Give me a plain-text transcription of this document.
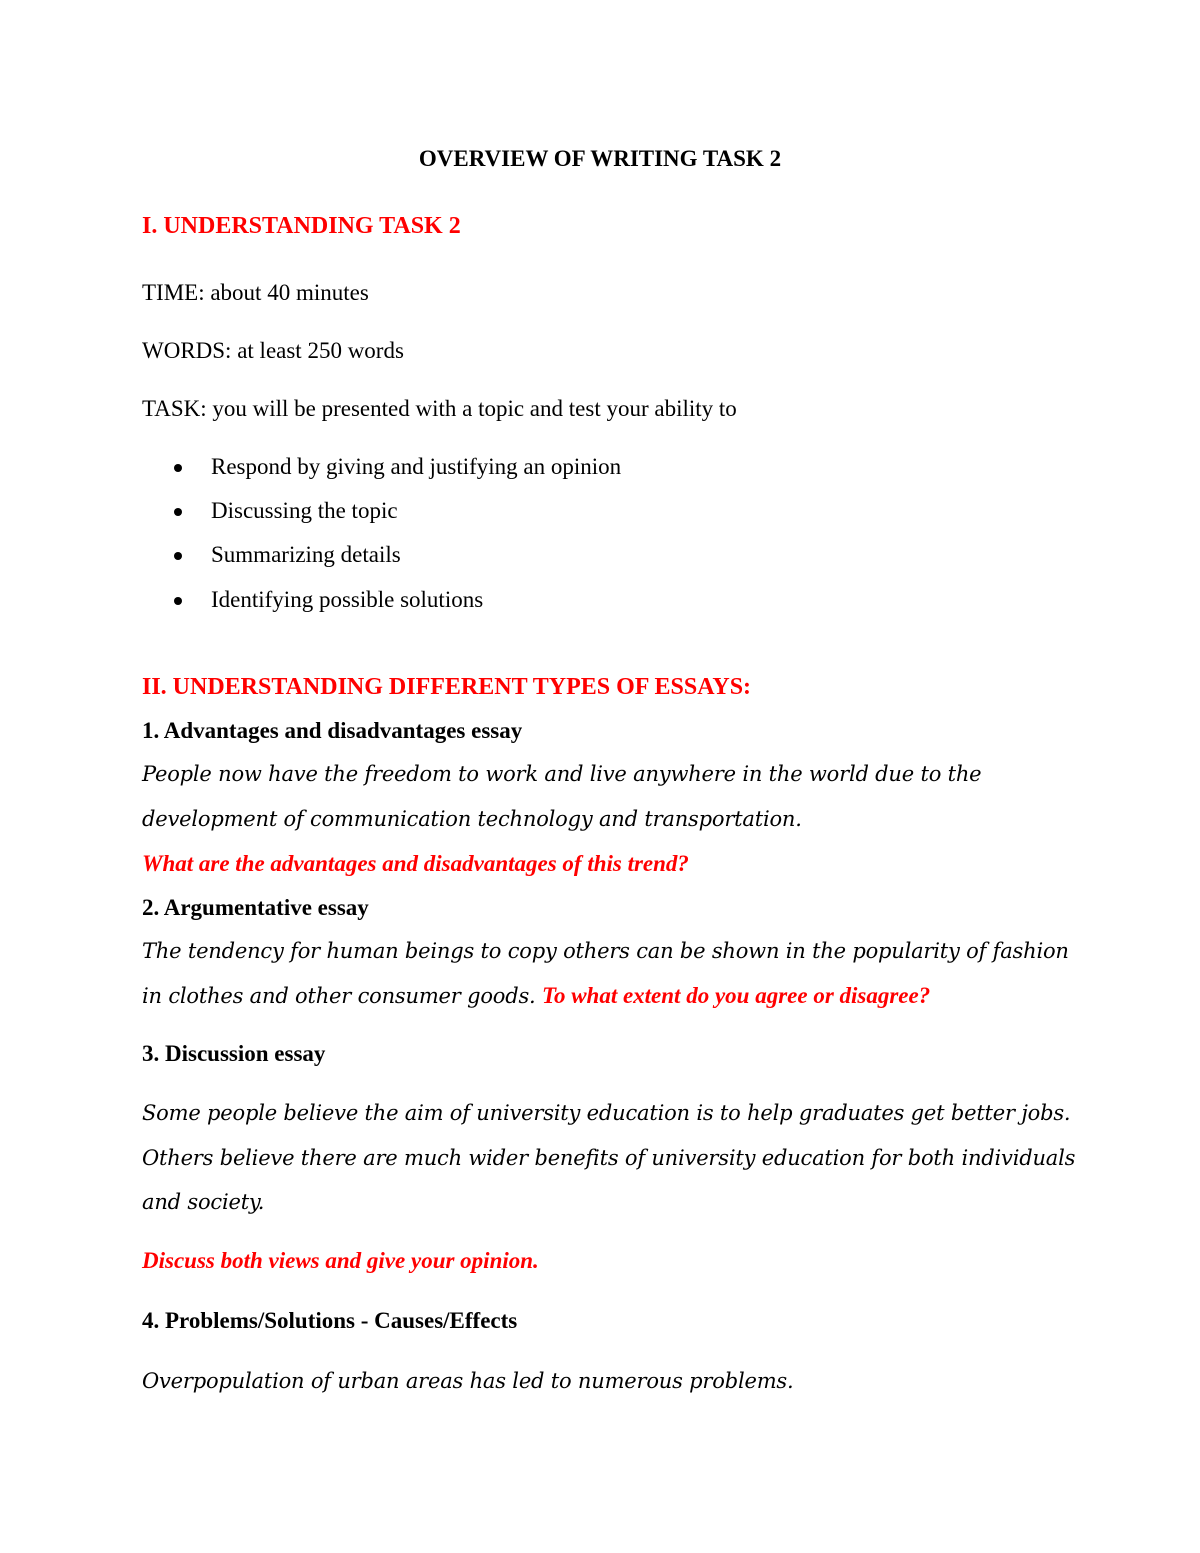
OVERVIEW OF WRITING TASK 2
I. UNDERSTANDING TASK 2
TIME: about 40 minutes
WORDS: at least 250 words
TASK: you will be presented with a topic and test your ability to
Respond by giving and justifying an opinion
Discussing the topic
Summarizing details
Identifying possible solutions
II. UNDERSTANDING DIFFERENT TYPES OF ESSAYS:
1. Advantages and disadvantages essay
People now have the freedom to work and live anywhere in the world due to the
development of communication technology and transportation.
What are the advantages and disadvantages of this trend?
2. Argumentative essay
The tendency for human beings to copy others can be shown in the popularity of fashion
in clothes and other consumer goods. To what extent do you agree or disagree?
3. Discussion essay
Some people believe the aim of university education is to help graduates get better jobs.
Others believe there are much wider benefits of university education for both individuals
and society.
Discuss both views and give your opinion.
4. Problems/Solutions - Causes/Effects
Overpopulation of urban areas has led to numerous problems.
